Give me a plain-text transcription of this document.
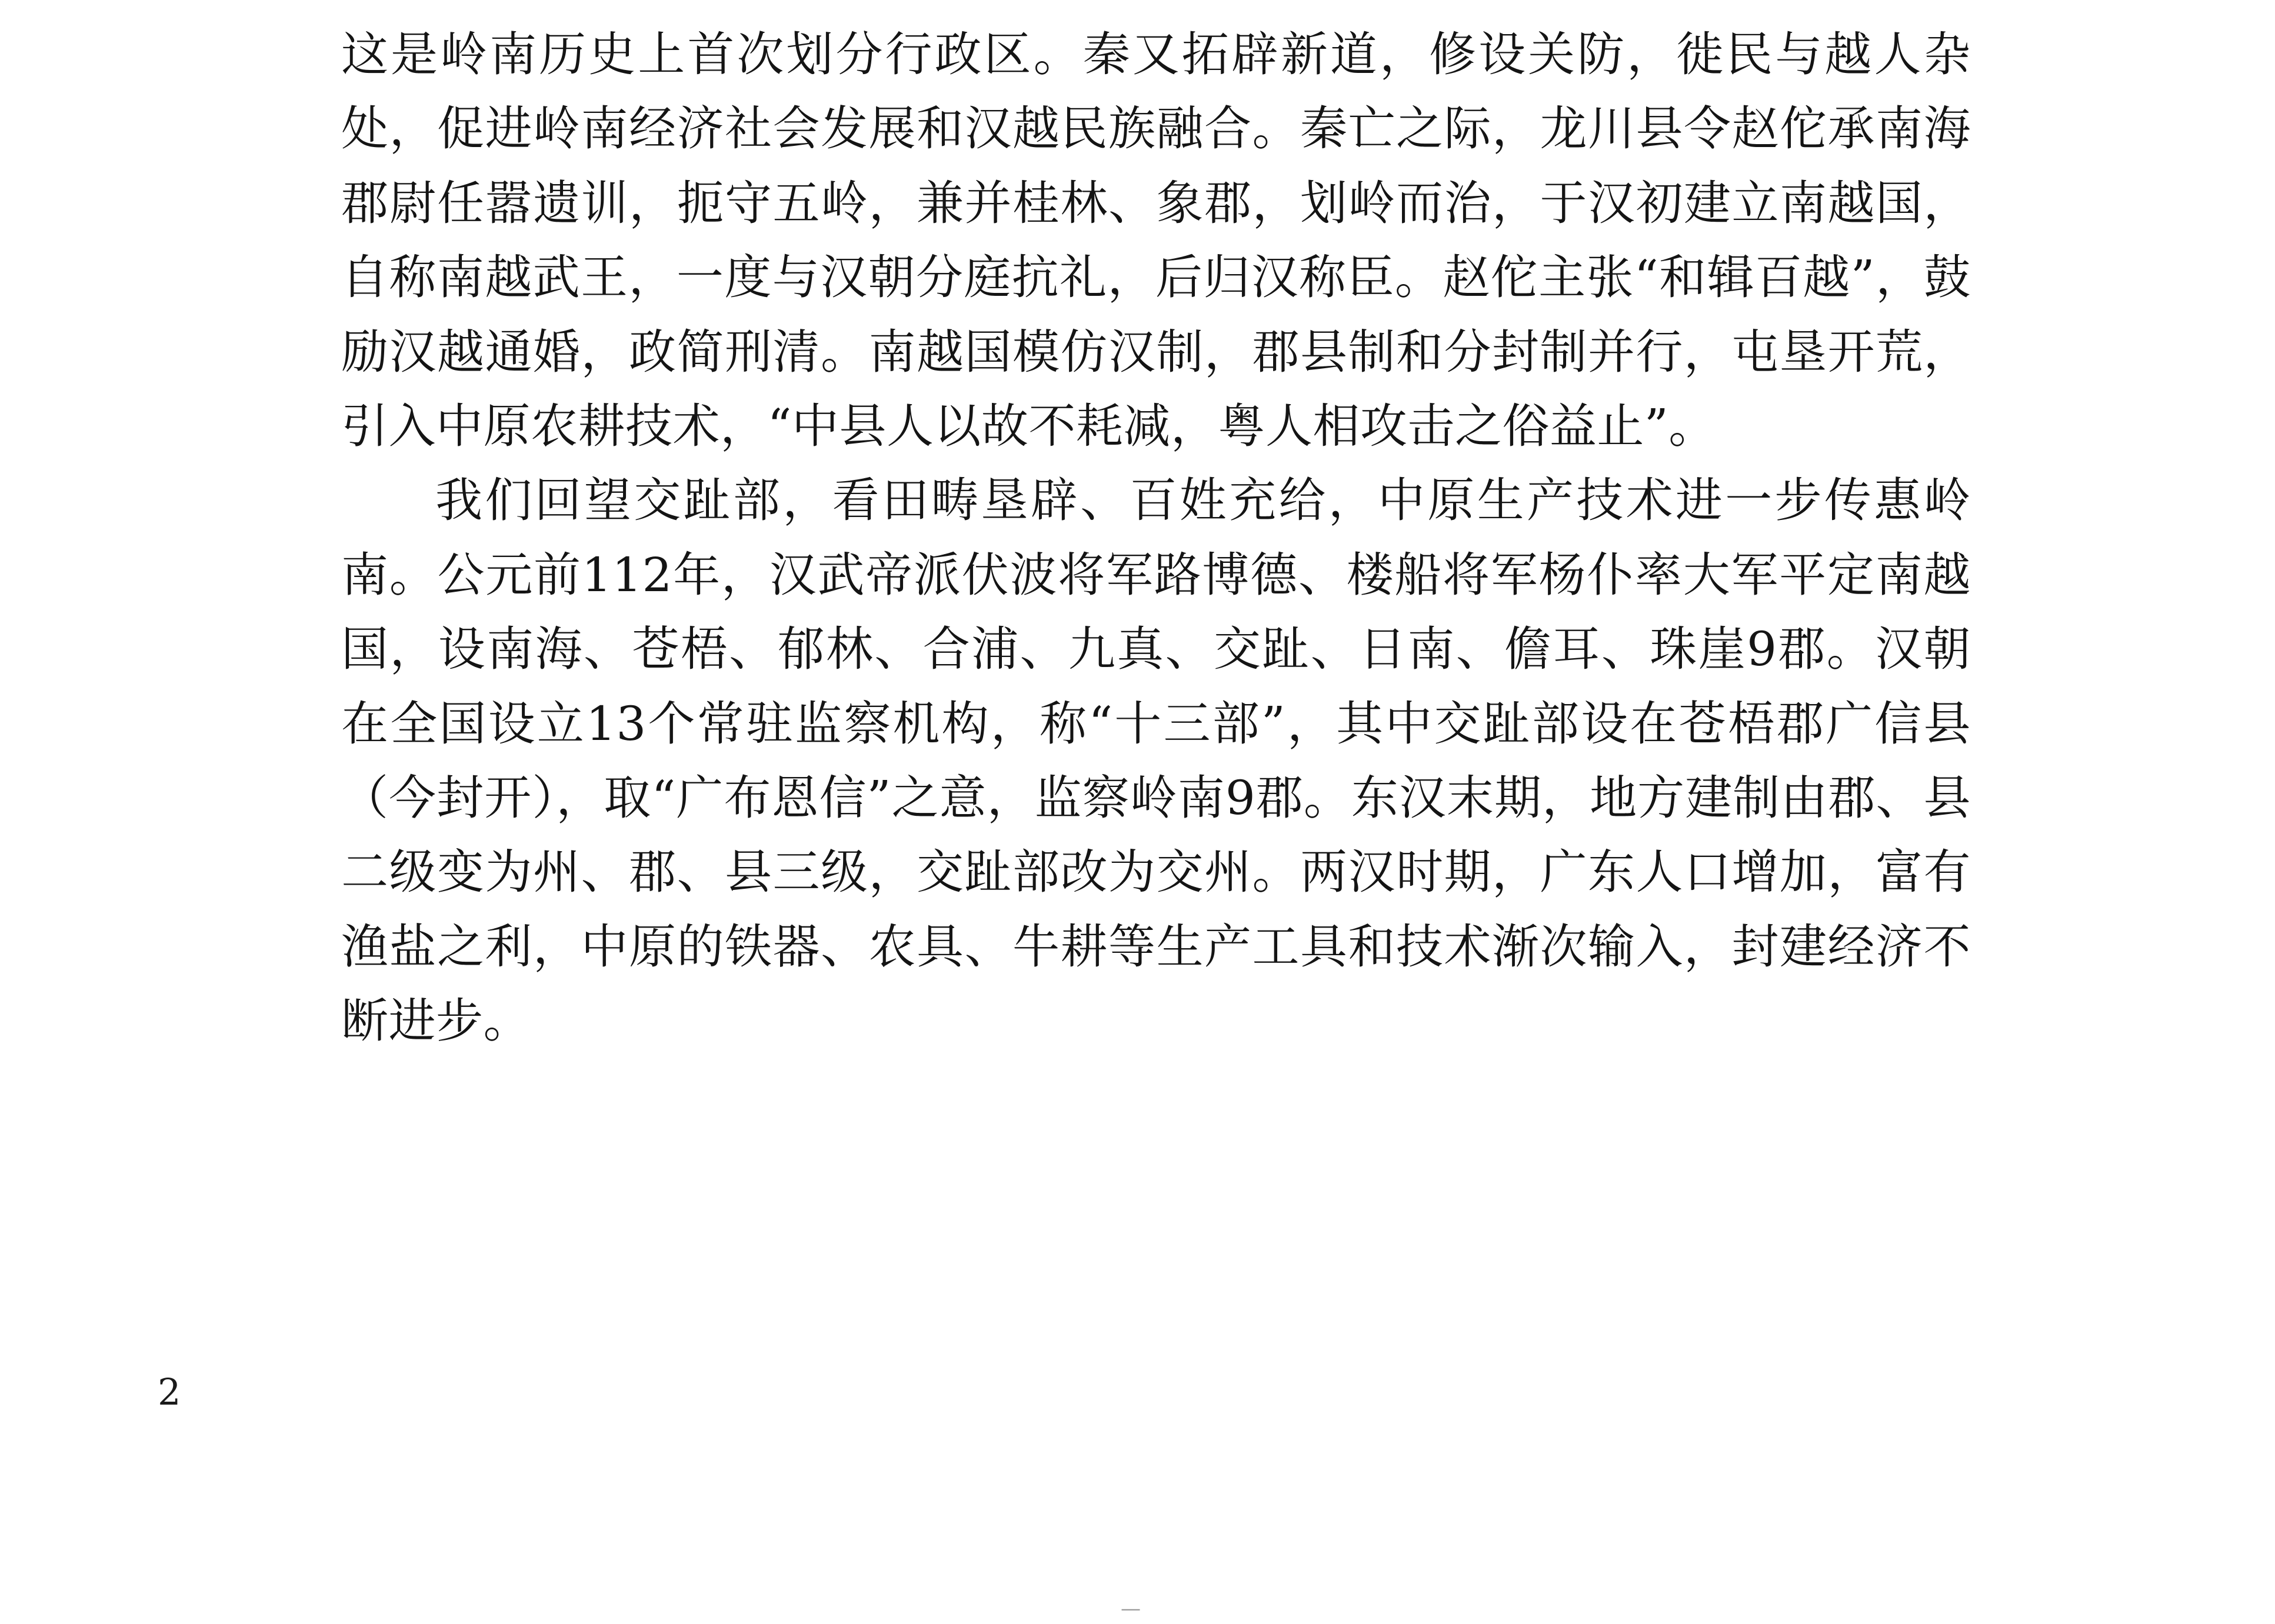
这是岭南历史上首次划分行政区。秦又拓辟新道，修设关防，徙民与越人杂处，促进岭南经济社会发展和汉越民族融合。秦亡之际，龙川县令赵佗承南海郡尉任嚣遗训，扼守五岭，兼并桂林、象郡，划岭而治，于汉初建立南越国，自称南越武王，一度与汉朝分庭抗礼，后归汉称臣。赵佗主张“和辑百越”，鼓励汉越通婚，政简刑清。南越国模仿汉制，郡县制和分封制并行，屯垦开荒，引入中原农耕技术，“中县人以故不耗减，粤人相攻击之俗益止”。

我们回望交趾部，看田畴垦辟、百姓充给，中原生产技术进一步传惠岭南。公元前112年，汉武帝派伏波将军路博德、楼船将军杨仆率大军平定南越国，设南海、苍梧、郁林、合浦、九真、交趾、日南、儋耳、珠崖9郡。汉朝在全国设立13个常驻监察机构，称“十三部”，其中交趾部设在苍梧郡广信县（今封开），取“广布恩信”之意，监察岭南9郡。东汉末期，地方建制由郡、县二级变为州、郡、县三级，交趾部改为交州。两汉时期，广东人口增加，富有渔盐之利，中原的铁器、农具、牛耕等生产工具和技术渐次输入，封建经济不断进步。

2
—
